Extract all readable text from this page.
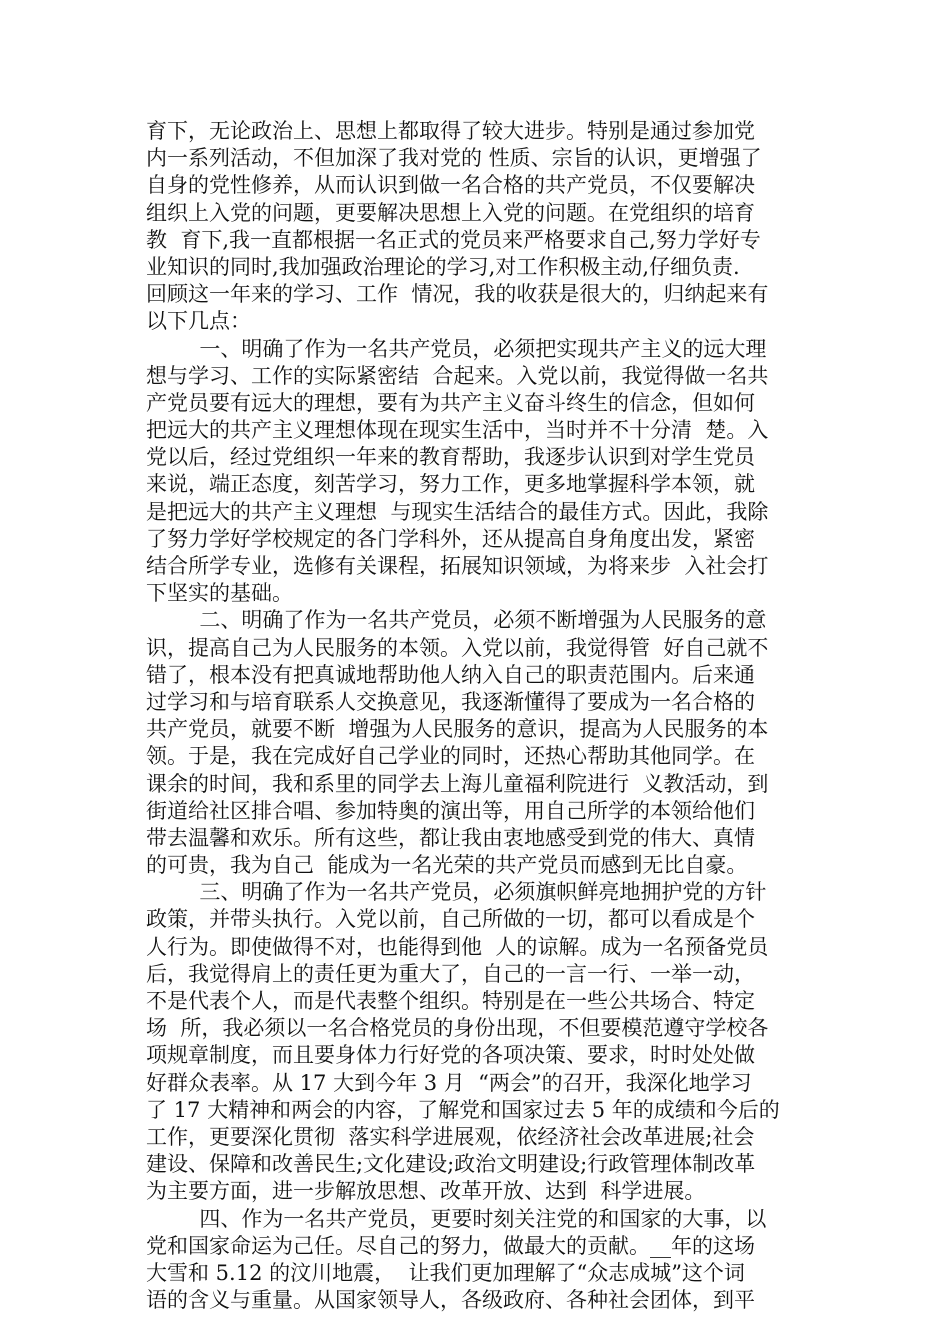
育下，无论政治上、思想上都取得了较大进步。特别是通过参加党
内一系列活动，不但加深了我对党的 性质、宗旨的认识，更增强了
自身的党性修养，从而认识到做一名合格的共产党员，不仅要解决
组织上入党的问题，更要解决思想上入党的问题。在党组织的培育
教  育下,我一直都根据一名正式的党员来严格要求自己,努力学好专
业知识的同时,我加强政治理论的学习,对工作积极主动,仔细负责.
回顾这一年来的学习、工作  情况，我的收获是很大的，归纳起来有
以下几点：
一、明确了作为一名共产党员，必须把实现共产主义的远大理
想与学习、工作的实际紧密结  合起来。入党以前，我觉得做一名共
产党员要有远大的理想，要有为共产主义奋斗终生的信念，但如何
把远大的共产主义理想体现在现实生活中，当时并不十分清  楚。入
党以后，经过党组织一年来的教育帮助，我逐步认识到对学生党员
来说，端正态度，刻苦学习，努力工作，更多地掌握科学本领，就
是把远大的共产主义理想  与现实生活结合的最佳方式。因此，我除
了努力学好学校规定的各门学科外，还从提高自身角度出发，紧密
结合所学专业，选修有关课程，拓展知识领域，为将来步  入社会打
下坚实的基础。
二、明确了作为一名共产党员，必须不断增强为人民服务的意
识，提高自己为人民服务的本领。入党以前，我觉得管  好自己就不
错了，根本没有把真诚地帮助他人纳入自己的职责范围内。后来通
过学习和与培育联系人交换意见，我逐渐懂得了要成为一名合格的
共产党员，就要不断  增强为人民服务的意识，提高为人民服务的本
领。于是，我在完成好自己学业的同时，还热心帮助其他同学。在
课余的时间，我和系里的同学去上海儿童福利院进行  义教活动，到
街道给社区排合唱、参加特奥的演出等，用自己所学的本领给他们
带去温馨和欢乐。所有这些，都让我由衷地感受到党的伟大、真情
的可贵，我为自己  能成为一名光荣的共产党员而感到无比自豪。
三、明确了作为一名共产党员，必须旗帜鲜亮地拥护党的方针
政策，并带头执行。入党以前，自己所做的一切，都可以看成是个
人行为。即使做得不对，也能得到他  人的谅解。成为一名预备党员
后，我觉得肩上的责任更为重大了，自己的一言一行、一举一动，
不是代表个人，而是代表整个组织。特别是在一些公共场合、特定
场  所，我必须以一名合格党员的身份出现，不但要模范遵守学校各
项规章制度，而且要身体力行好党的各项决策、要求，时时处处做
好群众表率。从 17 大到今年 3 月  “两会”的召开，我深化地学习
了 17 大精神和两会的内容，了解党和国家过去 5 年的成绩和今后的
工作，更要深化贯彻  落实科学进展观，依经济社会改革进展;社会
建设、保障和改善民生;文化建设;政治文明建设;行政管理体制改革
为主要方面，进一步解放思想、改革开放、达到  科学进展。
四、作为一名共产党员，更要时刻关注党的和国家的大事，以
党和国家命运为己任。尽自己的努力，做最大的贡献。__年的这场
大雪和 5.12 的汶川地震，  让我们更加理解了“众志成城”这个词
语的含义与重量。从国家领导人，各级政府、各种社会团体，到平
